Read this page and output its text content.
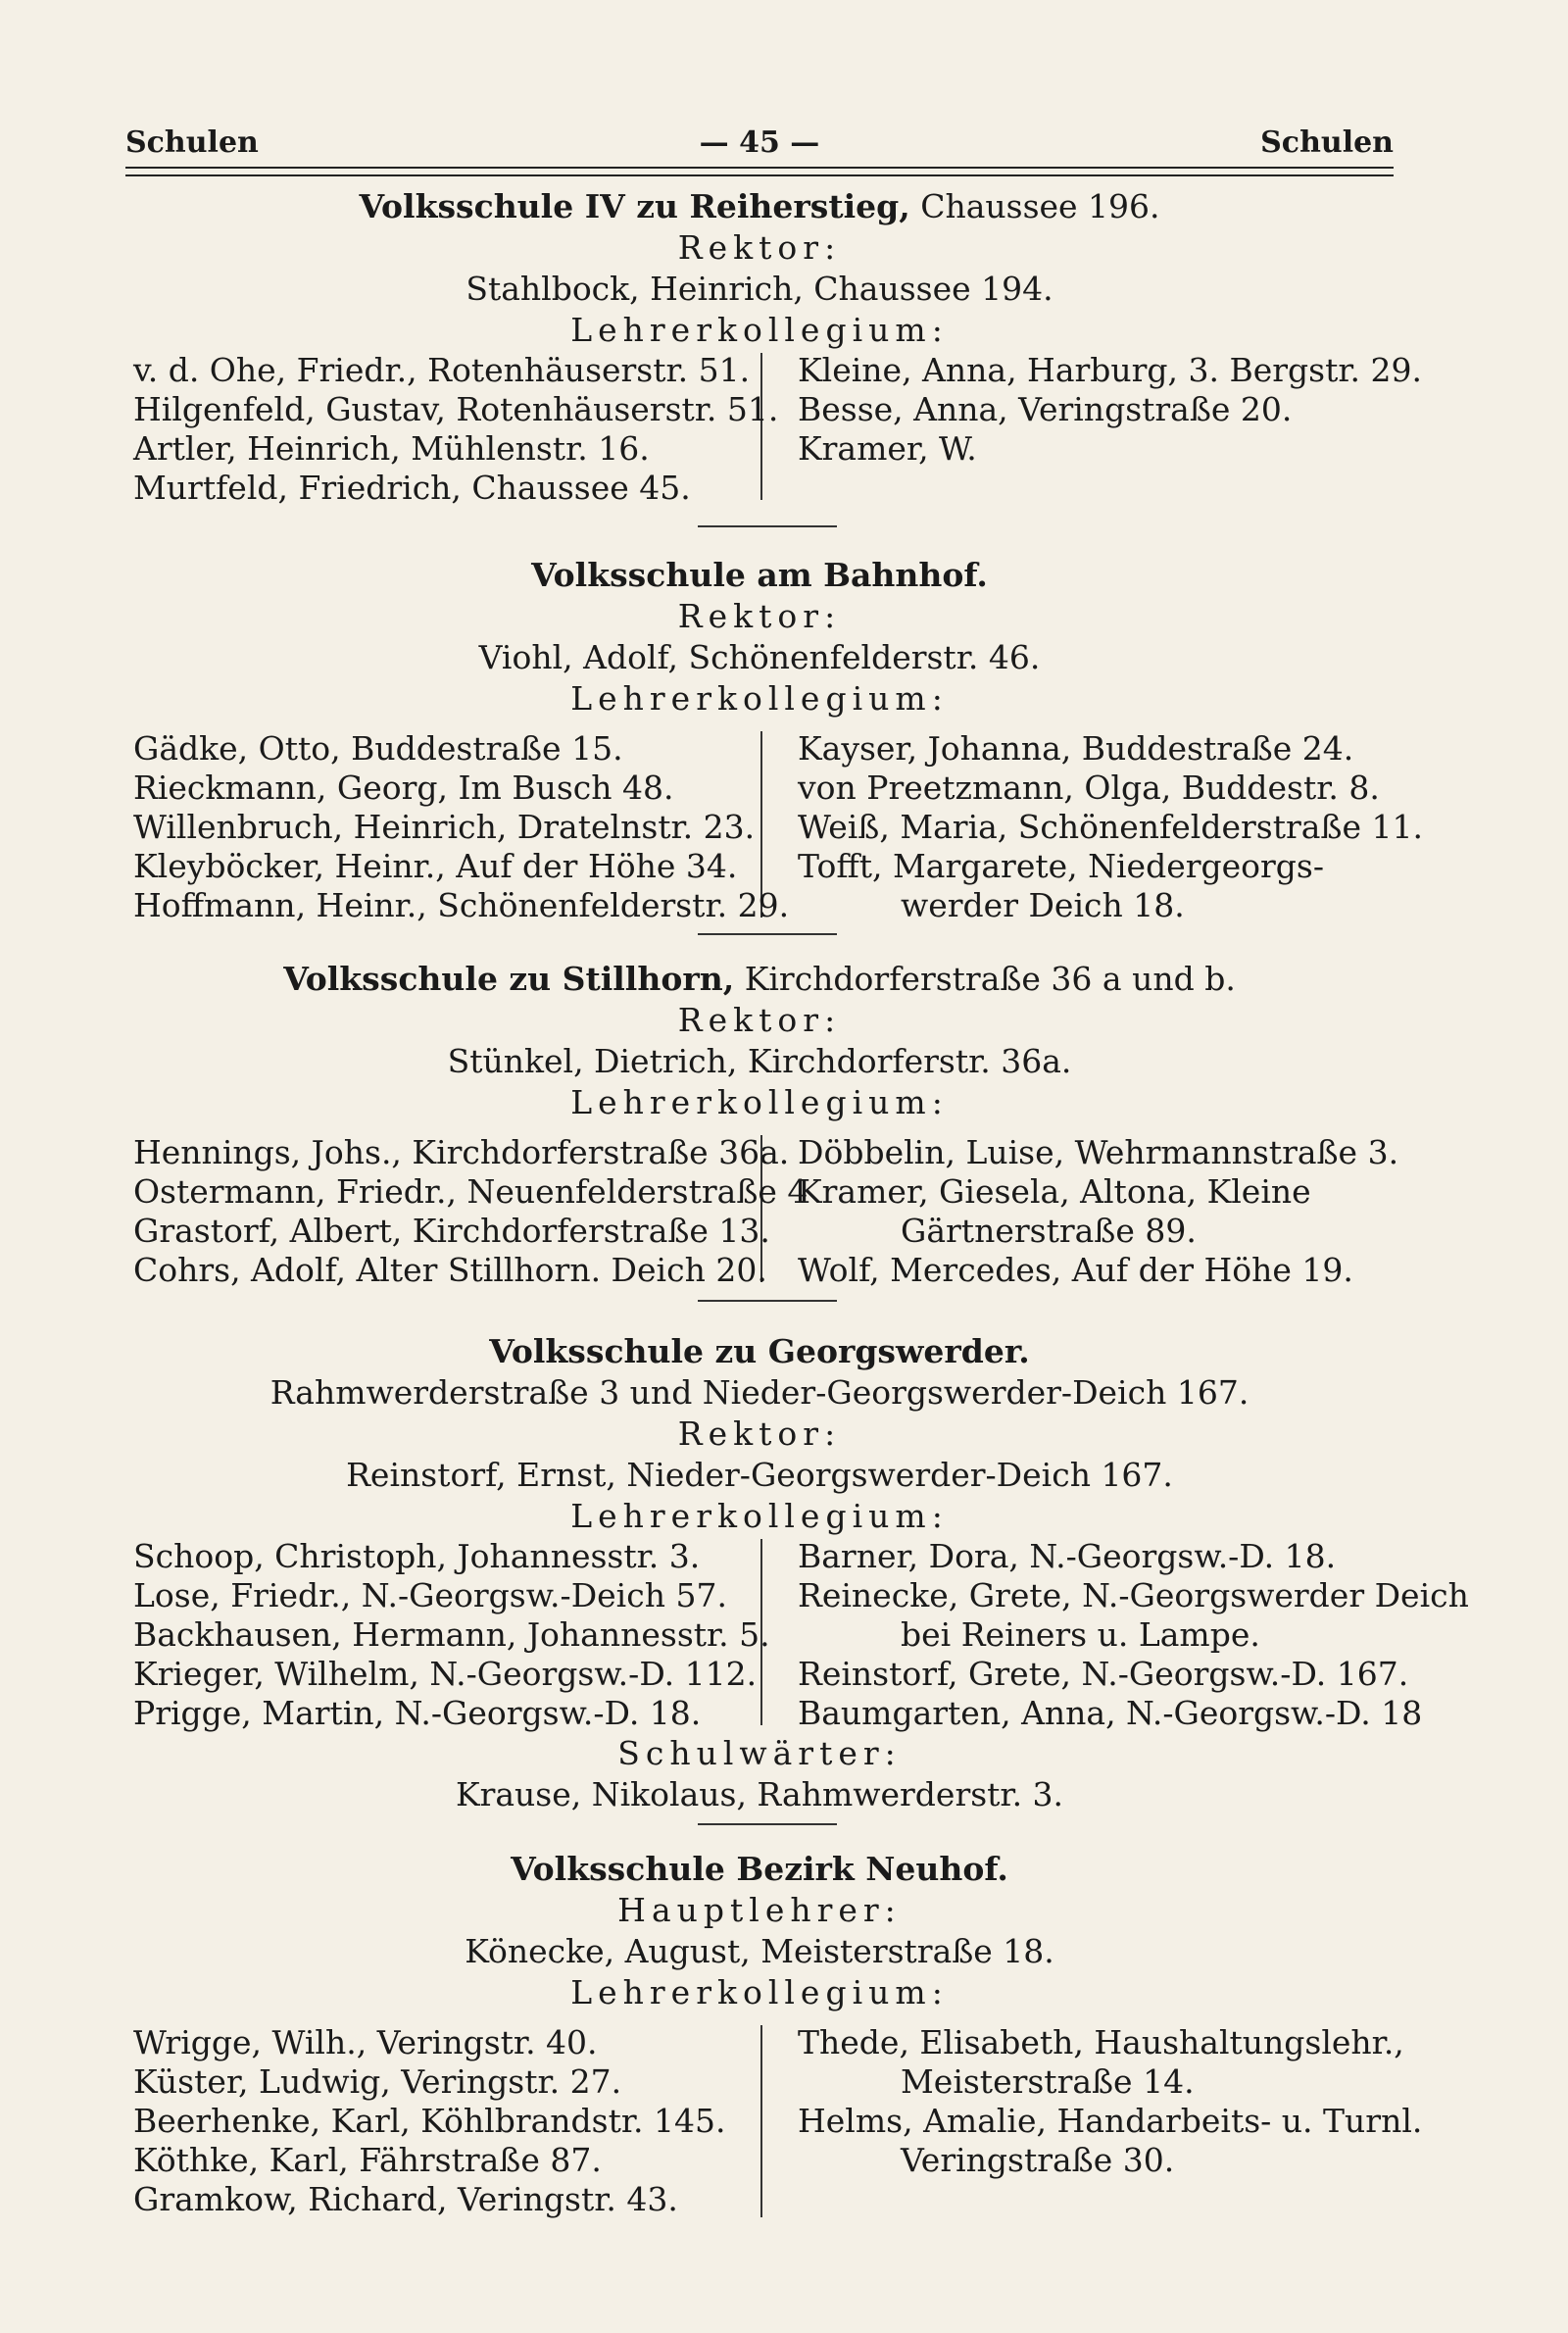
Schulen	— 45 —	Schulen
Volksschule IV zu Reiherstieg, Chaussee 196.
Rektor:
Stahlbock, Heinrich, Chaussee 194.
Lehrerkollegium:
v. d. Ohe, Friedr., Rotenhäuserstr. 51.
Hilgenfeld, Gustav, Rotenhäuserstr. 51.
Artler, Heinrich, Mühlenstr. 16.
Murtfeld, Friedrich, Chaussee 45.
Kleine, Anna, Harburg, 3. Bergstr. 29.
Besse, Anna, Veringstraße 20.
Kramer, W.
Volksschule am Bahnhof.
Rektor:
Viohl, Adolf, Schönenfelderstr. 46.
Lehrerkollegium:
Gädke, Otto, Buddestraße 15.
Rieckmann, Georg, Im Busch 48.
Willenbruch, Heinrich, Dratelnstr. 23.
Kleyböcker, Heinr., Auf der Höhe 34.
Hoffmann, Heinr., Schönenfelderstr. 29.
Kayser, Johanna, Buddestraße 24.
von Preetzmann, Olga, Buddestr. 8.
Weiß, Maria, Schönenfelderstraße 11.
Tofft, Margarete, Niedergeorgs-
werder Deich 18.
Volksschule zu Stillhorn, Kirchdorferstraße 36 a und b.
Rektor:
Stünkel, Dietrich, Kirchdorferstr. 36a.
Lehrerkollegium:
Hennings, Johs., Kirchdorferstraße 36a.
Ostermann, Friedr., Neuenfelderstraße 4
Grastorf, Albert, Kirchdorferstraße 13.
Cohrs, Adolf, Alter Stillhorn. Deich 20.
Döbbelin, Luise, Wehrmannstraße 3.
Kramer, Giesela, Altona, Kleine
Gärtnerstraße 89.
Wolf, Mercedes, Auf der Höhe 19.
Volksschule zu Georgswerder.
Rahmwerderstraße 3 und Nieder-Georgswerder-Deich 167.
Rektor:
Reinstorf, Ernst, Nieder-Georgswerder-Deich 167.
Lehrerkollegium:
Schoop, Christoph, Johannesstr. 3.
Lose, Friedr., N.-Georgsw.-Deich 57.
Backhausen, Hermann, Johannesstr. 5.
Krieger, Wilhelm, N.-Georgsw.-D. 112.
Prigge, Martin, N.-Georgsw.-D. 18.
Barner, Dora, N.-Georgsw.-D. 18.
Reinecke, Grete, N.-Georgswerder Deich
bei Reiners u. Lampe.
Reinstorf, Grete, N.-Georgsw.-D. 167.
Baumgarten, Anna, N.-Georgsw.-D. 18
Schulwärter:
Krause, Nikolaus, Rahmwerderstr. 3.
Volksschule Bezirk Neuhof.
Hauptlehrer:
Könecke, August, Meisterstraße 18.
Lehrerkollegium:
Wrigge, Wilh., Veringstr. 40.
Küster, Ludwig, Veringstr. 27.
Beerhenke, Karl, Köhlbrandstr. 145.
Köthke, Karl, Fährstraße 87.
Gramkow, Richard, Veringstr. 43.
Thede, Elisabeth, Haushaltungslehr.,
Meisterstraße 14.
Helms, Amalie, Handarbeits- u. Turnl.
Veringstraße 30.
